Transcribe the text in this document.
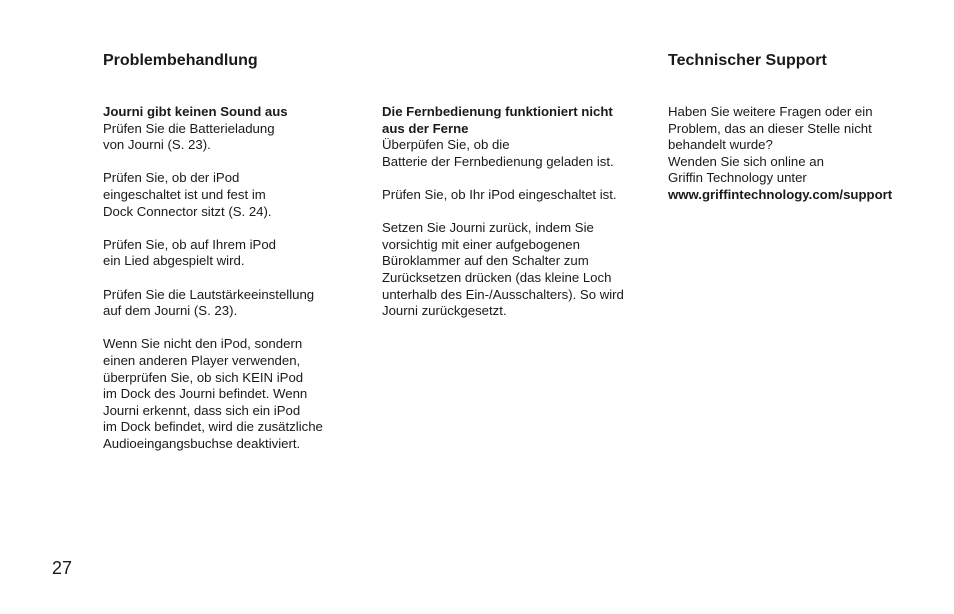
Problembehandlung	Technischer Support
Journi gibt keinen Sound aus

Prüfen Sie die Batterieladung
von Journi (S. 23).

Prüfen Sie, ob der iPod
eingeschaltet ist und fest im
Dock Connector sitzt (S. 24).

Prüfen Sie, ob auf Ihrem iPod
ein Lied abgespielt wird.

Prüfen Sie die Lautstärkeeinstellung
auf dem Journi (S. 23).

Wenn Sie nicht den iPod, sondern
einen anderen Player verwenden,
überprüfen Sie, ob sich KEIN iPod
im Dock des Journi befindet. Wenn
Journi erkennt, dass sich ein iPod
im Dock befindet, wird die zusätzliche
Audioeingangsbuchse deaktiviert.

Die Fernbedienung funktioniert nicht
aus der Ferne

Überpüfen Sie, ob die
Batterie der Fernbedienung geladen ist.

Prüfen Sie, ob Ihr iPod eingeschaltet ist.

Setzen Sie Journi zurück, indem Sie
vorsichtig mit einer aufgebogenen
Büroklammer auf den Schalter zum
Zurücksetzen drücken (das kleine Loch
unterhalb des Ein-/Ausschalters). So wird
Journi zurückgesetzt.

Haben Sie weitere Fragen oder ein
Problem, das an dieser Stelle nicht
behandelt wurde?
Wenden Sie sich online an
Griffin Technology unter
www.griffintechnology.com/support
27
